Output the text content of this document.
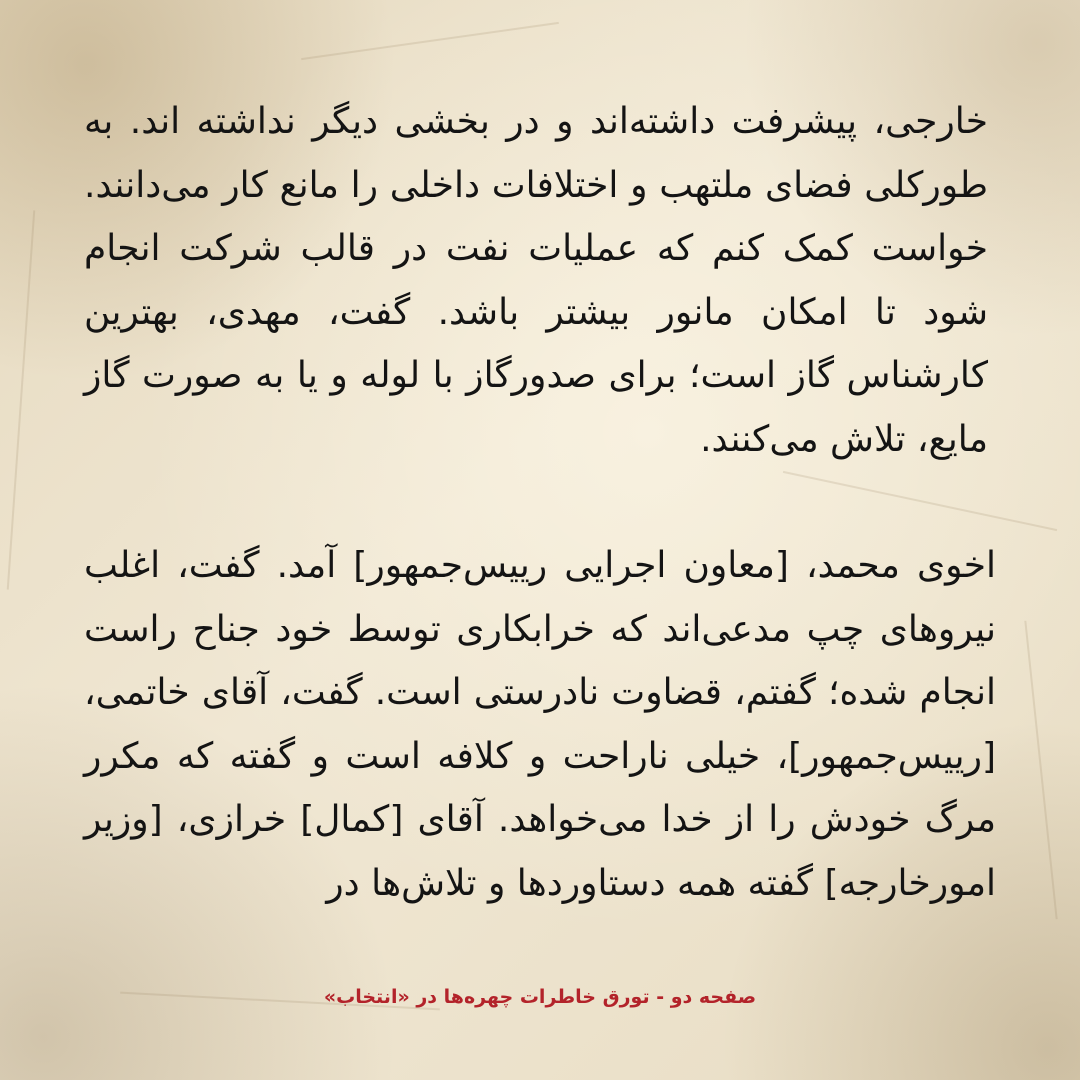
خارجی، پیشرفت داشته‌اند و در بخشی دیگر نداشته اند. به طورکلی فضای ملتهب و اختلافات داخلی را مانع کار می‌دانند. خواست کمک کنم که عملیات نفت در قالب شرکت انجام شود تا امکان مانور بیشتر باشد. گفت، مهدی، بهترین کارشناس گاز است؛ برای صدورگاز با لوله و یا به صورت گاز مایع، تلاش می‌کنند.

اخوی محمد، [معاون اجرایی رییس‌جمهور] آمد. گفت، اغلب نیروهای چپ مدعی‌اند که خرابکاری توسط خود جناح راست انجام شده؛ گفتم، قضاوت نادرستی است. گفت، آقای خاتمی، [رییس‌جمهور]، خیلی ناراحت و کلافه است و گفته که مکرر مرگ خودش را از خدا می‌خواهد. آقای [کمال] خرازی، [وزیر امورخارجه] گفته همه دستاوردها و تلاش‌ها در

صفحه دو - تورق خاطرات چهره‌ها در «انتخاب»
